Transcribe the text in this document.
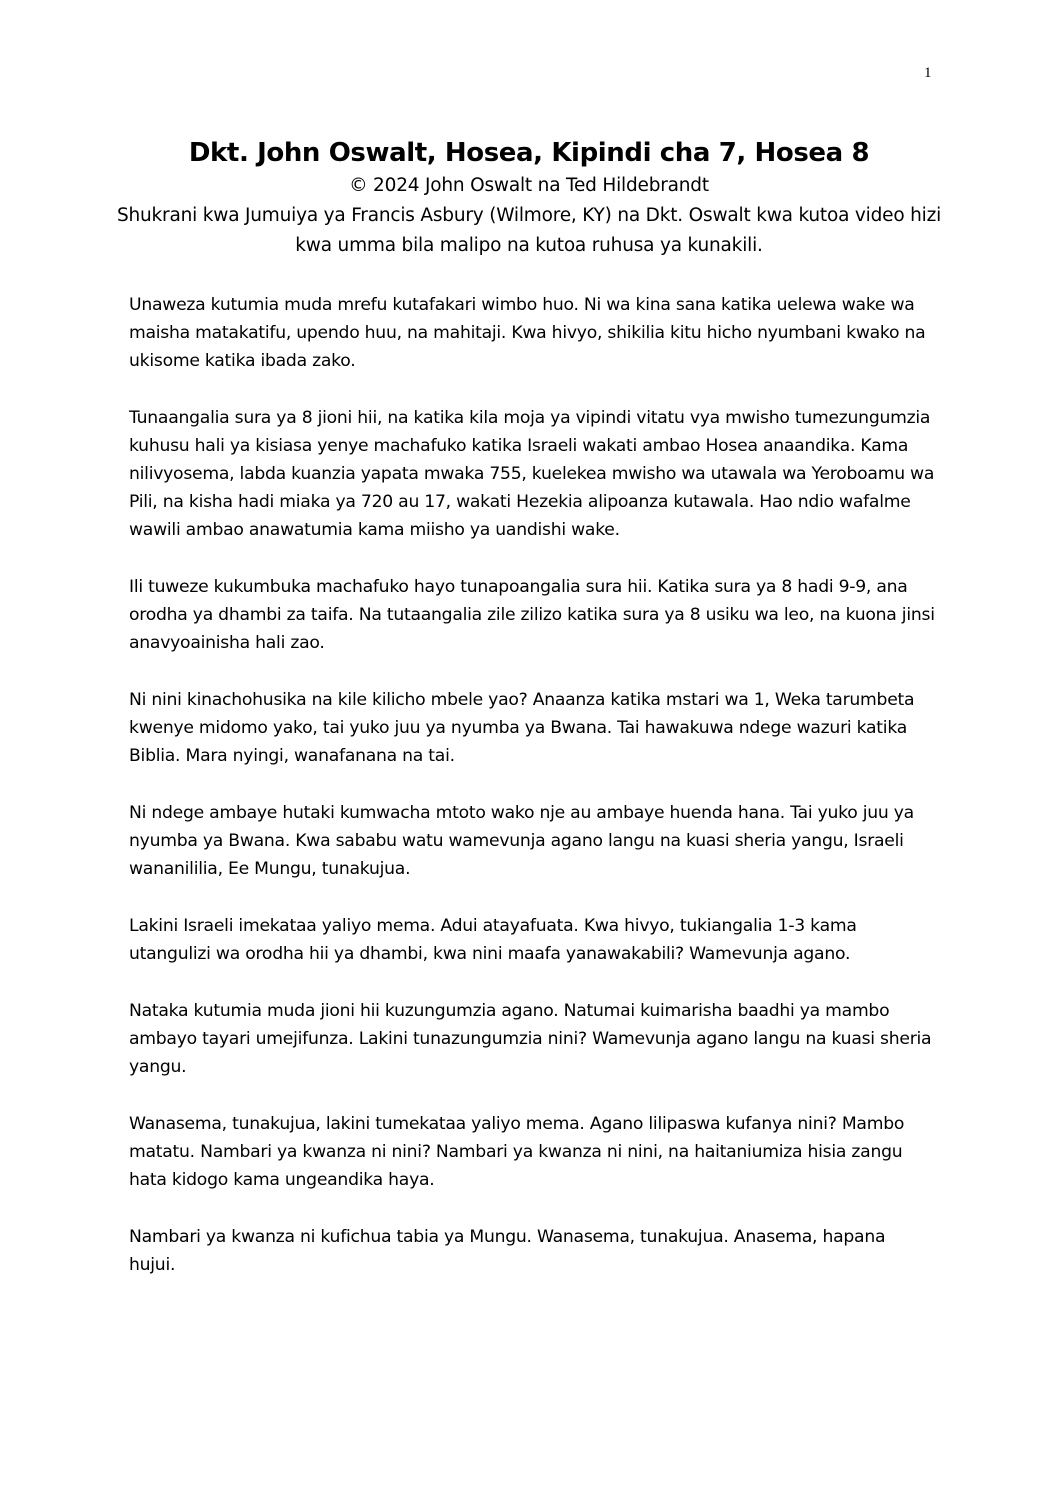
1
Dkt. John Oswalt, Hosea, Kipindi cha 7, Hosea 8

© 2024 John Oswalt na Ted Hildebrandt

Shukrani kwa Jumuiya ya Francis Asbury (Wilmore, KY) na Dkt. Oswalt kwa kutoa video hizi kwa umma bila malipo na kutoa ruhusa ya kunakili.

Unaweza kutumia muda mrefu kutafakari wimbo huo. Ni wa kina sana katika uelewa wake wa maisha matakatifu, upendo huu, na mahitaji. Kwa hivyo, shikilia kitu hicho nyumbani kwako na ukisome katika ibada zako.

Tunaangalia sura ya 8 jioni hii, na katika kila moja ya vipindi vitatu vya mwisho tumezungumzia kuhusu hali ya kisiasa yenye machafuko katika Israeli wakati ambao Hosea anaandika. Kama nilivyosema, labda kuanzia yapata mwaka 755, kuelekea mwisho wa utawala wa Yeroboamu wa Pili, na kisha hadi miaka ya 720 au 17, wakati Hezekia alipoanza kutawala. Hao ndio wafalme wawili ambao anawatumia kama miisho ya uandishi wake.

Ili tuweze kukumbuka machafuko hayo tunapoangalia sura hii. Katika sura ya 8 hadi 9-9, ana orodha ya dhambi za taifa. Na tutaangalia zile zilizo katika sura ya 8 usiku wa leo, na kuona jinsi anavyoainisha hali zao.

Ni nini kinachohusika na kile kilicho mbele yao? Anaanza katika mstari wa 1, Weka tarumbeta kwenye midomo yako, tai yuko juu ya nyumba ya Bwana. Tai hawakuwa ndege wazuri katika Biblia. Mara nyingi, wanafanana na tai.

Ni ndege ambaye hutaki kumwacha mtoto wako nje au ambaye huenda hana. Tai yuko juu ya nyumba ya Bwana. Kwa sababu watu wamevunja agano langu na kuasi sheria yangu, Israeli wananililia, Ee Mungu, tunakujua.

Lakini Israeli imekataa yaliyo mema. Adui atayafuata. Kwa hivyo, tukiangalia 1-3 kama utangulizi wa orodha hii ya dhambi, kwa nini maafa yanawakabili? Wamevunja agano.

Nataka kutumia muda jioni hii kuzungumzia agano. Natumai kuimarisha baadhi ya mambo ambayo tayari umejifunza. Lakini tunazungumzia nini? Wamevunja agano langu na kuasi sheria yangu.

Wanasema, tunakujua, lakini tumekataa yaliyo mema. Agano lilipaswa kufanya nini? Mambo matatu. Nambari ya kwanza ni nini? Nambari ya kwanza ni nini, na haitaniumiza hisia zangu hata kidogo kama ungeandika haya.

Nambari ya kwanza ni kufichua tabia ya Mungu. Wanasema, tunakujua. Anasema, hapana hujui.
